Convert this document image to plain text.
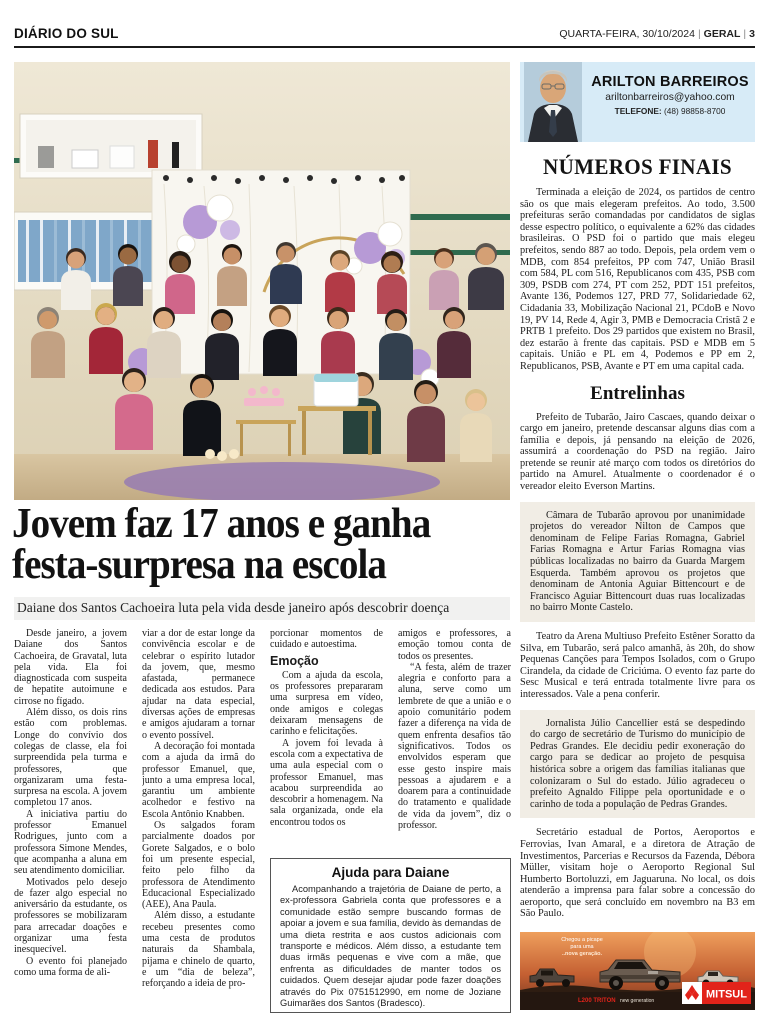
DIÁRIO DO SUL	QUARTA-FEIRA, 30/10/2024 | GERAL | 3
Jovem faz 17 anos e ganha festa-surpresa na escola
Daiane dos Santos Cachoeira luta pela vida desde janeiro após descobrir doença

Desde janeiro, a jovem Daiane dos Santos Cachoeira, de Gravatal, luta pela vida. Ela foi diagnosticada com suspeita de hepatite autoimune e cirrose no fígado.

Além disso, os dois rins estão com problemas. Longe do convívio dos colegas de classe, ela foi surpreendida pela turma e professores, que organizaram uma festa-surpresa na escola. A jovem completou 17 anos.

A iniciativa partiu do professor Emanuel Rodrigues, junto com a professora Simone Mendes, que acompanha a aluna em seu atendimento domiciliar.

Motivados pelo desejo de fazer algo especial no aniversário da estudante, os professores se mobilizaram para arrecadar doações e organizar uma festa inesquecível.

O evento foi planejado como uma forma de ali-

viar a dor de estar longe da convivência escolar e de celebrar o espírito lutador da jovem, que, mesmo afastada, permanece dedicada aos estudos. Para ajudar na data especial, diversas ações de empresas e amigos ajudaram a tornar o evento possível.

A decoração foi montada com a ajuda da irmã do professor Emanuel, que, junto a uma empresa local, garantiu um ambiente acolhedor e festivo na Escola Antônio Knabben.

Os salgados foram parcialmente doados por Gorete Salgados, e o bolo foi um presente especial, feito pelo filho da professora de Atendimento Educacional Especializado (AEE), Ana Paula.

Além disso, a estudante recebeu presentes como uma cesta de produtos naturais da Shambala, pijama e chinelo de quarto, e um “dia de beleza”, reforçando a ideia de pro-

porcionar momentos de cuidado e autoestima.

Emoção

Com a ajuda da escola, os professores prepararam uma surpresa em vídeo, onde amigos e colegas deixaram mensagens de carinho e felicitações.

A jovem foi levada à escola com a expectativa de uma aula especial com o professor Emanuel, mas acabou surpreendida ao descobrir a homenagem. Na sala organizada, onde ela encontrou todos os

amigos e professores, a emoção tomou conta de todos os presentes.

“A festa, além de trazer alegria e conforto para a aluna, serve como um lembrete de que a união e o apoio comunitário podem fazer a diferença na vida de quem enfrenta desafios tão significativos. Todos os envolvidos esperam que esse gesto inspire mais pessoas a ajudarem e a doarem para a continuidade do tratamento e qualidade de vida da jovem”, diz o professor.

Ajuda para Daiane

Acompanhando a trajetória de Daiane de perto, a ex-professora Gabriela conta que professores e a comunidade estão sempre buscando formas de apoiar a jovem e sua família, devido às demandas de uma dieta restrita e aos custos adicionais com transporte e médicos. Além disso, a estudante tem duas irmãs pequenas e vive com a mãe, que enfrenta as dificuldades de manter todos os cuidados. Quem desejar ajudar pode fazer doações através do Pix 0751512990, em nome de Joziane Guimarães dos Santos (Bradesco).

ARILTON BARREIROS
ariltonbarreiros@yahoo.com
TELEFONE: (48) 98858-8700
NÚMEROS FINAIS

Terminada a eleição de 2024, os partidos de centro são os que mais elegeram prefeitos. Ao todo, 3.500 prefeituras serão comandadas por candidatos de siglas desse espectro político, o equivalente a 62% das cidades brasileiras. O PSD foi o partido que mais elegeu prefeitos, sendo 887 ao todo. Depois, pela ordem vem o MDB, com 854 prefeitos, PP com 747, União Brasil com 584, PL com 516, Republicanos com 435, PSB com 309, PSDB com 274, PT com 252, PDT 151 prefeitos, Avante 136, Podemos 127, PRD 77, Solidariedade 62, Cidadania 33, Mobilização Nacional 21, PCdoB e Novo 19, PV 14, Rede 4, Agir 3, PMB e Democracia Cristã 2 e PRTB 1 prefeito. Dos 29 partidos que existem no Brasil, dez estarão à frente das capitais. PSD e MDB em 5 capitais. União e PL em 4, Podemos e PP em 2, Republicanos, PSB, Avante e PT em uma capital cada.

Entrelinhas

Prefeito de Tubarão, Jairo Cascaes, quando deixar o cargo em janeiro, pretende descansar alguns dias com a família e depois, já pensando na eleição de 2026, assumirá a coordenação do PSD na região. Jairo pretende se reunir até março com todos os diretórios do partido na Amurel. Atualmente o coordenador é o vereador eleito Everson Martins.

Câmara de Tubarão aprovou por unanimidade projetos do vereador Nilton de Campos que denominam de Felipe Farias Romagna, Gabriel Farias Romagna e Artur Farias Romagna vias públicas localizadas no bairro da Guarda Margem Esquerda. Também aprovou os projetos que denominam de Antonia Aguiar Bittencourt e de Francisco Aguiar Bittencourt duas ruas localizadas no bairro Monte Castelo.

Teatro da Arena Multiuso Prefeito Estêner Soratto da Silva, em Tubarão, será palco amanhã, às 20h, do show Pequenas Canções para Tempos Isolados, com o Grupo Cirandela, da cidade de Criciúma. O evento faz parte do Sesc Musical e terá entrada totalmente livre para os interessados. Vale a pena conferir.

Jornalista Júlio Cancellier está se despedindo do cargo de secretário de Turismo do município de Pedras Grandes. Ele decidiu pedir exoneração do cargo para se dedicar ao projeto de pesquisa histórica sobre a origem das famílias italianas que colonizaram o Sul do estado. Júlio agradeceu o prefeito Agnaldo Filippe pela oportunidade e o carinho de toda a população de Pedras Grandes.

Secretário estadual de Portos, Aeroportos e Ferrovias, Ivan Amaral, e a diretora de Atração de Investimentos, Parcerias e Recursos da Fazenda, Débora Müller, visitam hoje o Aeroporto Regional Sul Humberto Bortoluzzi, em Jaguaruna. No local, os dois atenderão a imprensa para falar sobre a concessão do aeroporto, que será concluído em novembro na B3 em São Paulo.

Chegou a picape
para uma
..nova geração.
L200 TRITON new generation
MITSUL
